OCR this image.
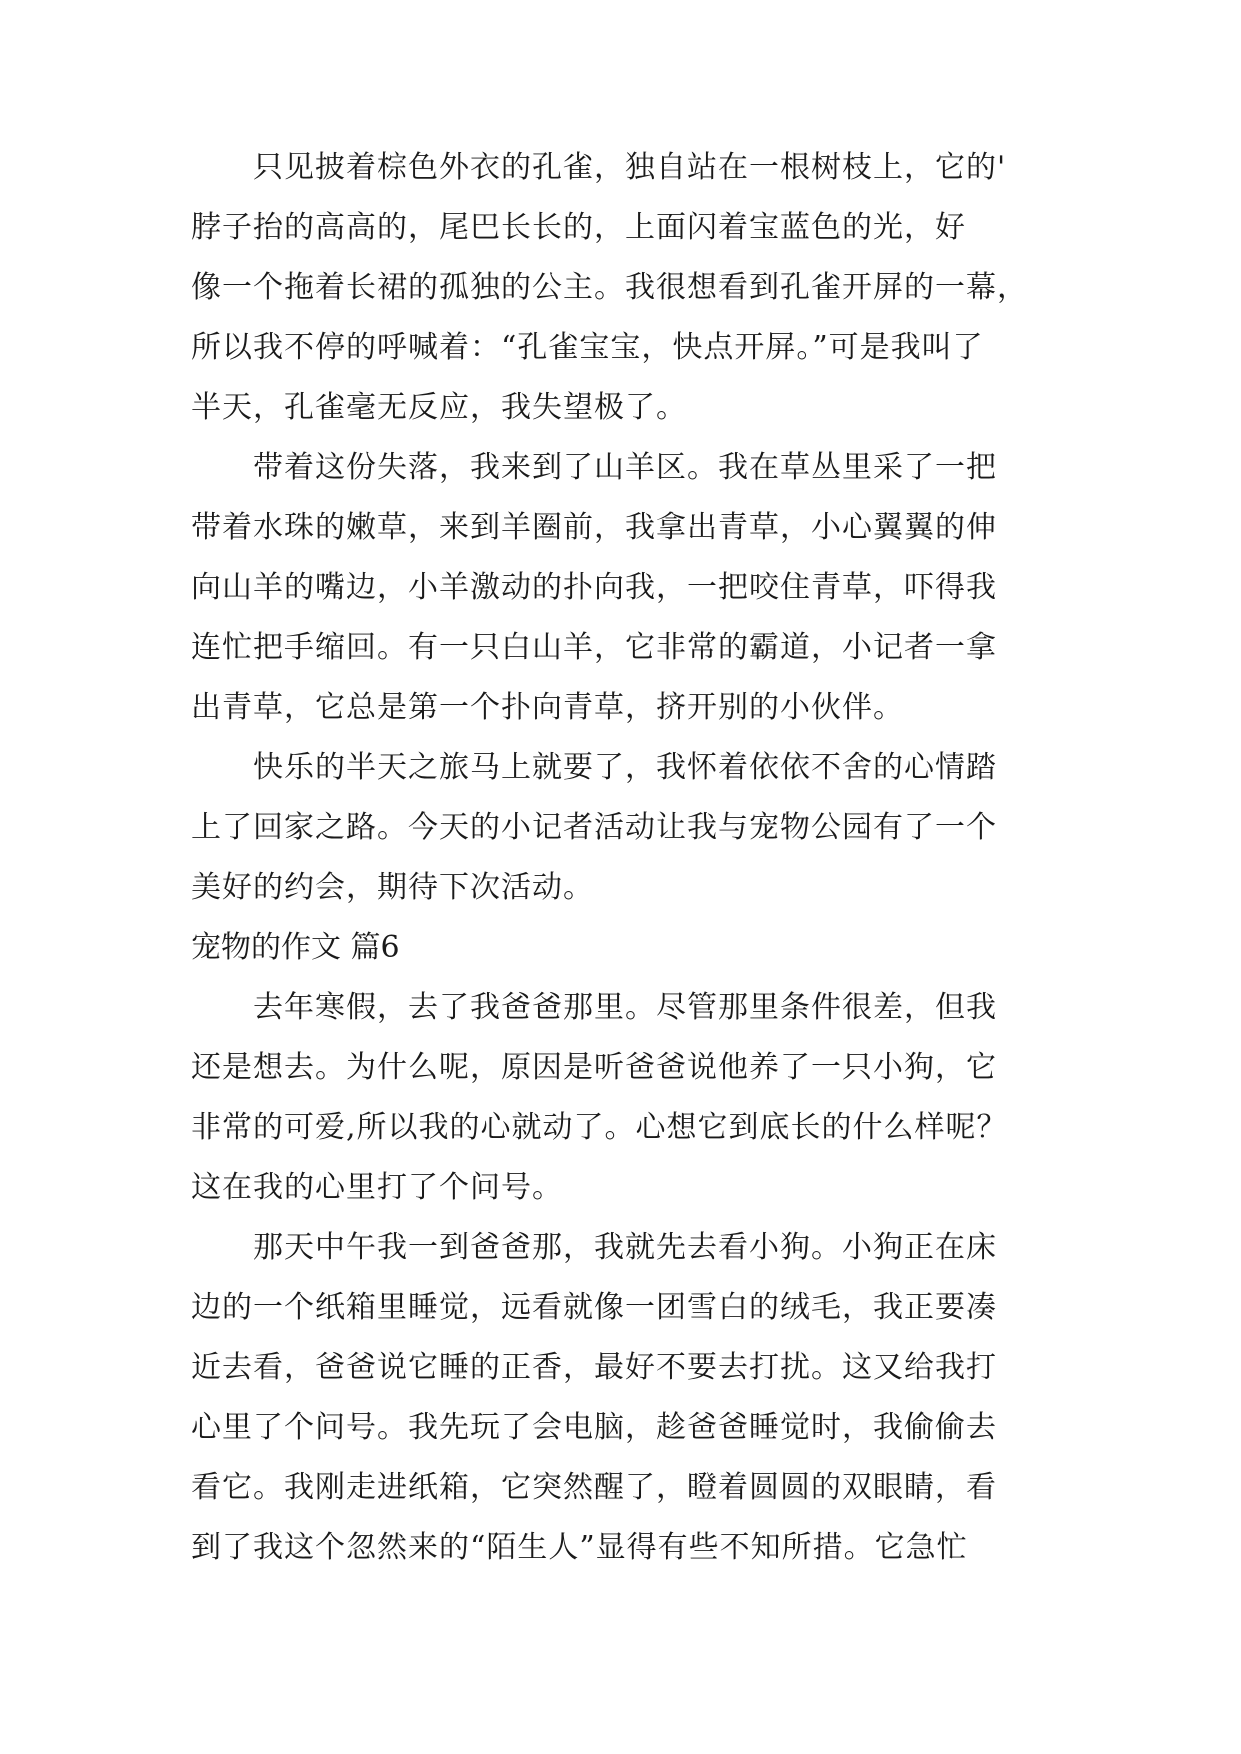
只见披着棕色外衣的孔雀，独自站在一根树枝上，它的'
脖子抬的高高的，尾巴长长的，上面闪着宝蓝色的光，好
像一个拖着长裙的孤独的公主。我很想看到孔雀开屏的一幕，
所以我不停的呼喊着：“孔雀宝宝，快点开屏。”可是我叫了
半天，孔雀毫无反应，我失望极了。
带着这份失落，我来到了山羊区。我在草丛里采了一把
带着水珠的嫩草，来到羊圈前，我拿出青草，小心翼翼的伸
向山羊的嘴边，小羊激动的扑向我，一把咬住青草，吓得我
连忙把手缩回。有一只白山羊，它非常的霸道，小记者一拿
出青草，它总是第一个扑向青草，挤开别的小伙伴。
快乐的半天之旅马上就要了，我怀着依依不舍的心情踏
上了回家之路。今天的小记者活动让我与宠物公园有了一个
美好的约会，期待下次活动。
宠物的作文 篇6
去年寒假，去了我爸爸那里。尽管那里条件很差，但我
还是想去。为什么呢，原因是听爸爸说他养了一只小狗，它
非常的可爱,所以我的心就动了。心想它到底长的什么样呢？
这在我的心里打了个问号。
那天中午我一到爸爸那，我就先去看小狗。小狗正在床
边的一个纸箱里睡觉，远看就像一团雪白的绒毛，我正要凑
近去看，爸爸说它睡的正香，最好不要去打扰。这又给我打
心里了个问号。我先玩了会电脑，趁爸爸睡觉时，我偷偷去
看它。我刚走进纸箱，它突然醒了，瞪着圆圆的双眼睛，看
到了我这个忽然来的“陌生人”显得有些不知所措。它急忙
